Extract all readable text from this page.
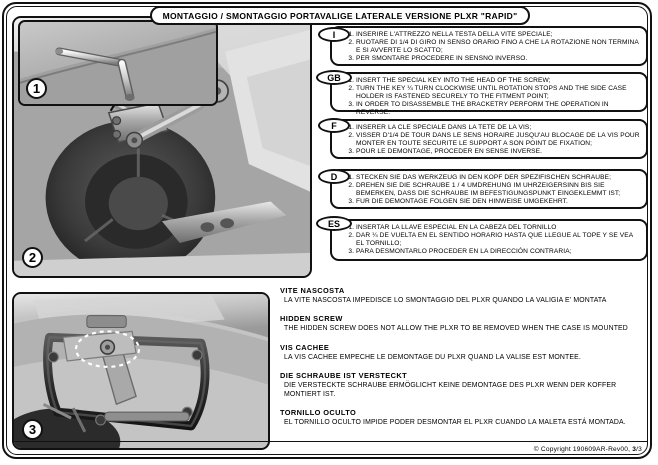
MONTAGGIO / SMONTAGGIO PORTAVALIGE LATERALE VERSIONE PLXR "RAPID"
2
1
3
1. INSERIRE L'ATTREZZO NELLA TESTA DELLA VITE SPECIALE;
2. RUOTARE DI 1/4 DI GIRO IN SENSO ORARIO FINO A CHE LA ROTAZIONE NON TERMINA E SI AVVERTE LO SCATTO;
3. PER SMONTARE PROCEDERE IN SENSNO INVERSO.
I
1. INSERT THE SPECIAL KEY INTO THE HEAD OF THE SCREW;
2. TURN THE KEY ¼ TURN CLOCKWISE UNTIL ROTATION STOPS AND THE SIDE CASE HOLDER IS FASTENED SECURELY TO THE FITMENT POINT;
3. IN ORDER TO DISASSEMBLE THE BRACKETRY PERFORM THE OPERATION IN REVERSE.
GB
1. INSERER LA CLE SPECIALE DANS LA TETE DE LA VIS;
2. VISSER D'1/4 DE TOUR DANS LE SENS HORAIRE JUSQU'AU BLOCAGE DE LA VIS POUR MONTER EN TOUTE SECURITE LE SUPPORT A SON POINT DE FIXATION;
3. POUR LE DEMONTAGE, PROCEDER EN SENSE INVERSE.
F
1. STECKEN SIE DAS WERKZEUG IN DEN KOPF DER SPEZIFISCHEN SCHRAUBE;
2. DREHEN SIE DIE SCHRAUBE 1 / 4 UMDREHUNG IM UHRZEIGERSINN BIS SIE BEMERKEN, DASS DIE SCHRAUBE IM BEFESTIGUNGSPUNKT EINGEKLEMMT IST;
3. FUR DIE DEMONTAGE FOLGEN SIE DEN HINWEISE UMGEKEHRT.
D
1. INSERTAR LA LLAVE ESPECIAL EN LA CABEZA DEL TORNILLO
2. DAR ¼ DE VUELTA EN EL SENTIDO HORARIO HASTA QUE LLEGUE AL TOPE Y SE VEA EL TORNILLO;
3. PARA DESMONTARLO PROCEDER EN LA DIRECCIÓN CONTRARIA;
ES
VITE NASCOSTA
LA VITE NASCOSTA IMPEDISCE LO SMONTAGGIO DEL PLXR QUANDO LA VALIGIA E' MONTATA
HIDDEN SCREW
THE HIDDEN SCREW DOES NOT ALLOW THE PLXR TO BE REMOVED WHEN THE CASE IS MOUNTED
VIS CACHEE
LA VIS CACHEE EMPECHE LE DEMONTAGE DU PLXR QUAND LA VALISE EST MONTEE.
DIE SCHRAUBE IST VERSTECKT
DIE VERSTECKTE SCHRAUBE ERMÖGLICHT KEINE DEMONTAGE DES PLXR WENN DER KOFFER MONTIERT IST.
TORNILLO OCULTO
EL TORNILLO OCULTO IMPIDE PODER DESMONTAR EL PLXR CUANDO LA MALETA ESTÁ MONTADA.
© Copyright 190609AR-Rev00, 3/3
